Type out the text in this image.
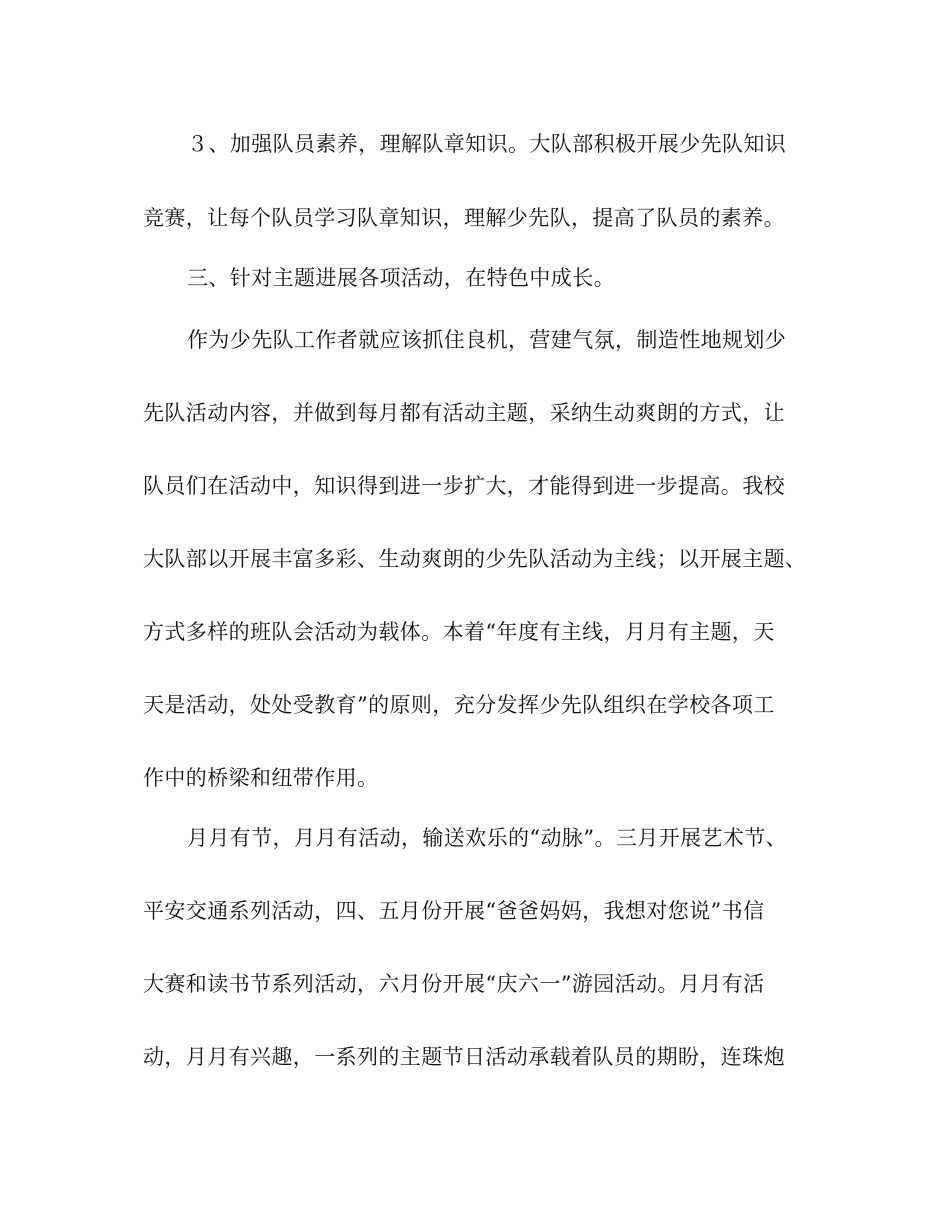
３、加强队员素养，理解队章知识。大队部积极开展少先队知识
竞赛，让每个队员学习队章知识，理解少先队，提高了队员的素养。
三、针对主题进展各项活动，在特色中成长。
作为少先队工作者就应该抓住良机，营建气氛，制造性地规划少
先队活动内容，并做到每月都有活动主题，采纳生动爽朗的方式，让
队员们在活动中，知识得到进一步扩大，才能得到进一步提高。我校
大队部以开展丰富多彩、生动爽朗的少先队活动为主线；以开展主题、
方式多样的班队会活动为载体。本着“年度有主线，月月有主题，天
天是活动，处处受教育”的原则，充分发挥少先队组织在学校各项工
作中的桥梁和纽带作用。
月月有节，月月有活动，输送欢乐的“动脉”。三月开展艺术节、
平安交通系列活动，四、五月份开展“爸爸妈妈，我想对您说”书信
大赛和读书节系列活动，六月份开展“庆六一”游园活动。月月有活
动，月月有兴趣，一系列的主题节日活动承载着队员的期盼，连珠炮
